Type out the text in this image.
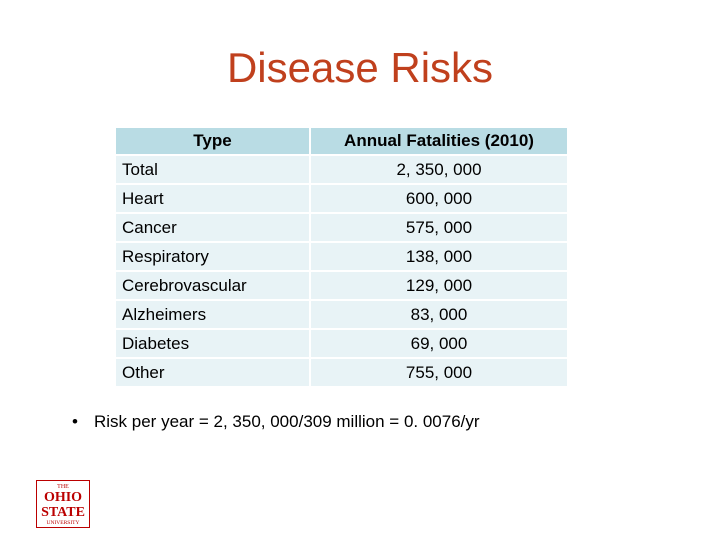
Disease Risks
Type	Annual Fatalities (2010)
Total	2, 350, 000
Heart	600, 000
Cancer	575, 000
Respiratory	138, 000
Cerebrovascular	129, 000
Alzheimers	83, 000
Diabetes	69, 000
Other	755, 000
• Risk per year = 2, 350, 000/309 million = 0. 0076/yr
THE
OHIO
STATE
UNIVERSITY
